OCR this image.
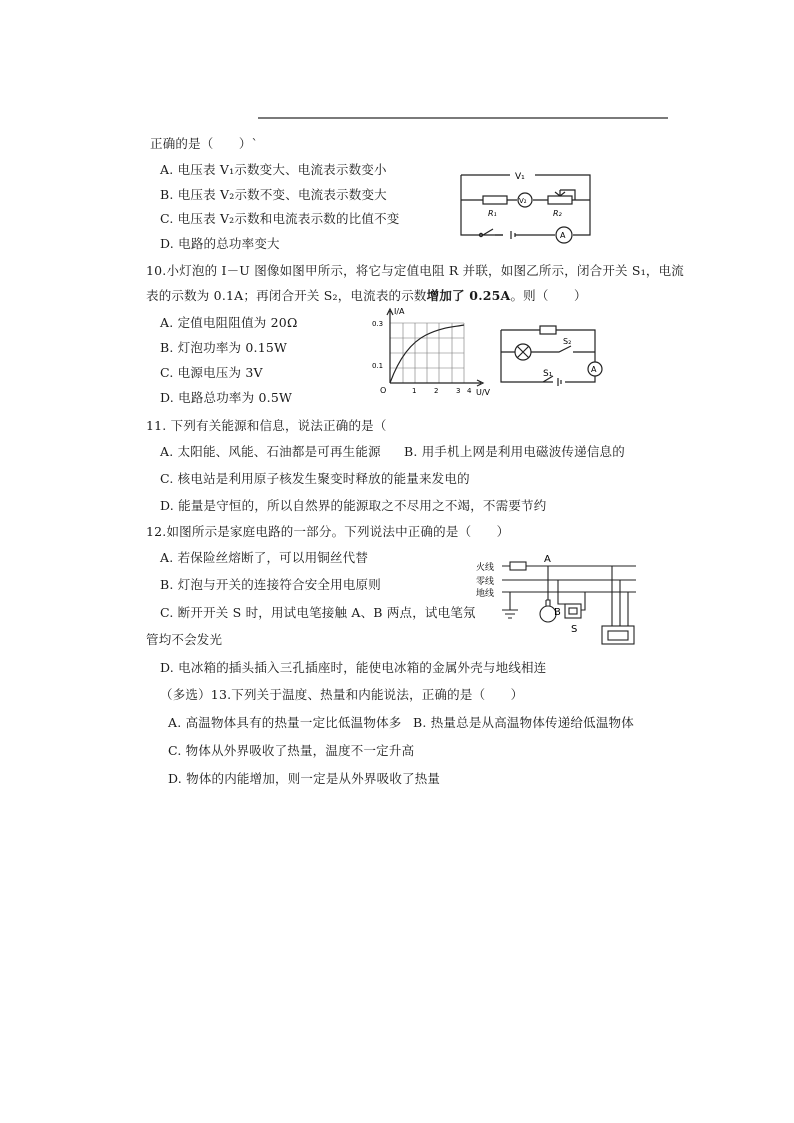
正确的是（　　）`
A. 电压表 V₁示数变大、电流表示数变小
B. 电压表 V₂示数不变、电流表示数变大
C. 电压表 V₂示数和电流表示数的比值不变
D. 电路的总功率变大
V₁
V₂
R₁	R₂
A
10.小灯泡的 I－U 图像如图甲所示，将它与定值电阻 R 并联，如图乙所示，闭合开关 S₁，电流
表的示数为 0.1A；再闭合开关 S₂，电流表的示数增加了 0.25A。则（　　）
A. 定值电阻阻值为 20Ω
B. 灯泡功率为 0.15W
C. 电源电压为 3V
D. 电路总功率为 0.5W
I/A
U/V
O
0.3
0.1
1	2	3 4
S₂
S₁	A
11. 下列有关能源和信息，说法正确的是（
A. 太阳能、风能、石油都是可再生能源 B. 用手机上网是利用电磁波传递信息的
C. 核电站是利用原子核发生聚变时释放的能量来发电的
D. 能量是守恒的，所以自然界的能源取之不尽用之不竭，不需要节约
12.如图所示是家庭电路的一部分。下列说法中正确的是（　　）
A. 若保险丝熔断了，可以用铜丝代替
B. 灯泡与开关的连接符合安全用电原则
C. 断开开关 S 时，用试电笔接触 A、B 两点，试电笔氖
管均不会发光
D. 电冰箱的插头插入三孔插座时，能使电冰箱的金属外壳与地线相连
火线
零线
地线
A
B
S
（多选）13.下列关于温度、热量和内能说法，正确的是（　　）
A. 高温物体具有的热量一定比低温物体多 B. 热量总是从高温物体传递给低温物体
C. 物体从外界吸收了热量，温度不一定升高
D. 物体的内能增加，则一定是从外界吸收了热量
